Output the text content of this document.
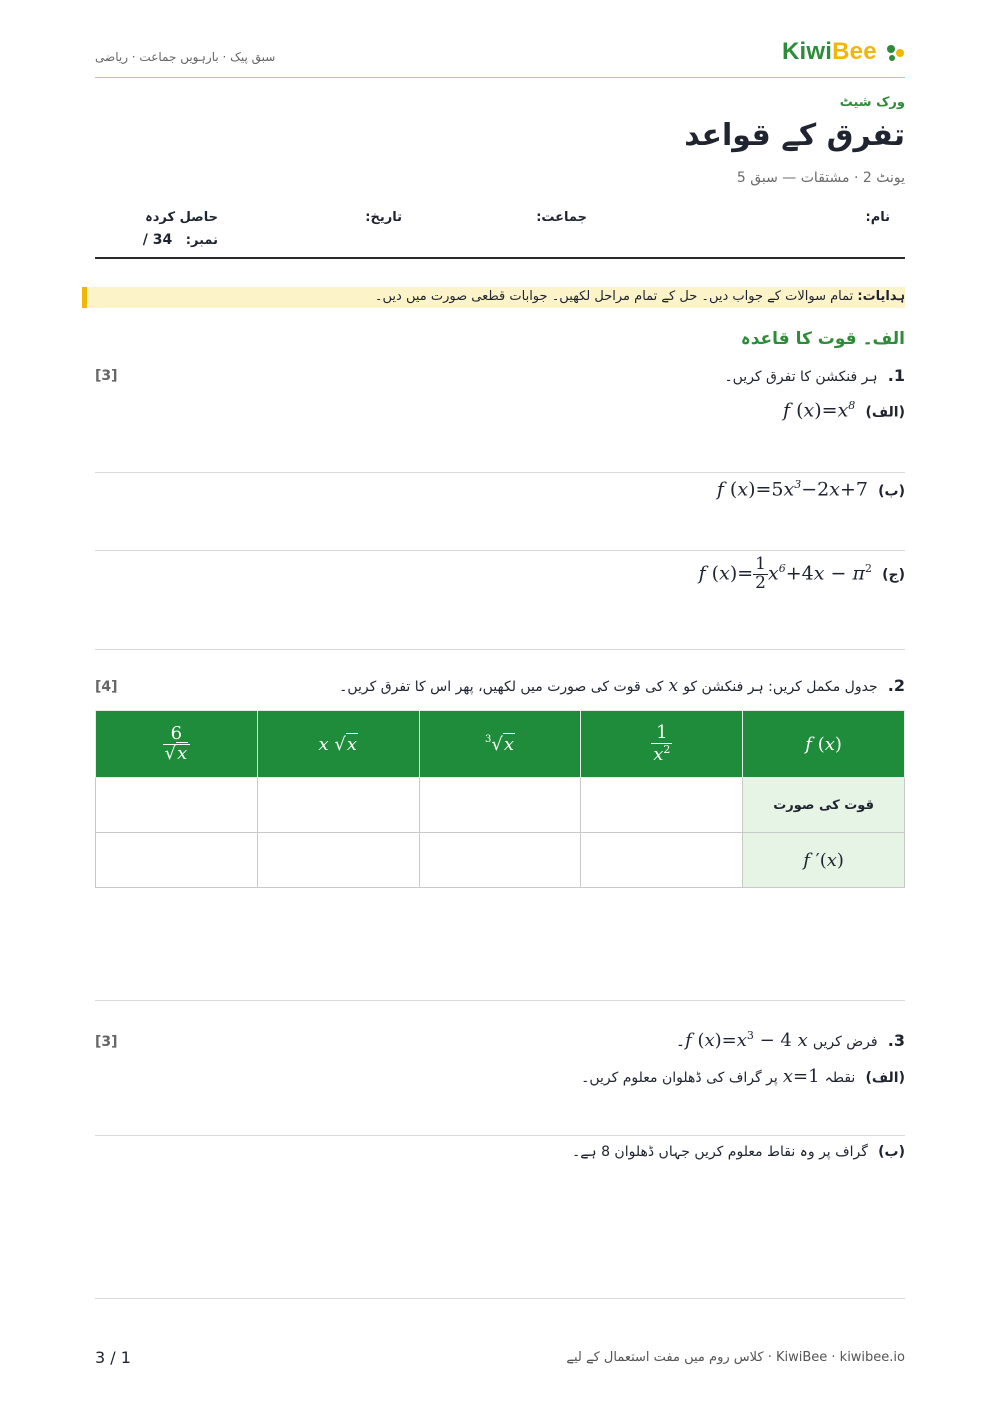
KiwiBee
سبق پیک · بارہویں جماعت · ریاضی
ورک شیٹ
تفرق کے قواعد
یونٹ 2 · مشتقات — سبق 5
نام:
جماعت:
تاریخ:
حاصل کردہ
نمبر:   / 34
ہدایات: تمام سوالات کے جواب دیں۔ حل کے تمام مراحل لکھیں۔ جوابات قطعی صورت میں دیں۔
الف۔ قوت کا قاعدہ
1.  ہر فنکشن کا تفرق کریں۔
[3]
(الف)  f $(x)=x^8$
(ب)  f $(x)=5x^3-2x+7$
(ج)  f $(x)= \frac{1}{2} x^6+4x - \pi^2$
2.  جدول مکمل کریں: ہر فنکشن کو x کی قوت کی صورت میں لکھیں، پھر اس کا تفرق کریں۔
[4]
f (x)	$\frac{1}{x^2}$	$^3$√x	x √x	$\frac{6}{√x}$

قوت کی صورت				
f ′(x)				
3.  فرض کریں f $(x)=x^3 - 4$ x۔
[3]
(الف)  نقطہ x=1 پر گراف کی ڈھلوان معلوم کریں۔
(ب)  گراف پر وہ نقاط معلوم کریں جہاں ڈھلوان 8 ہے۔
3 / 1	KiwiBee · kiwibee.io · کلاس روم میں مفت استعمال کے لیے
